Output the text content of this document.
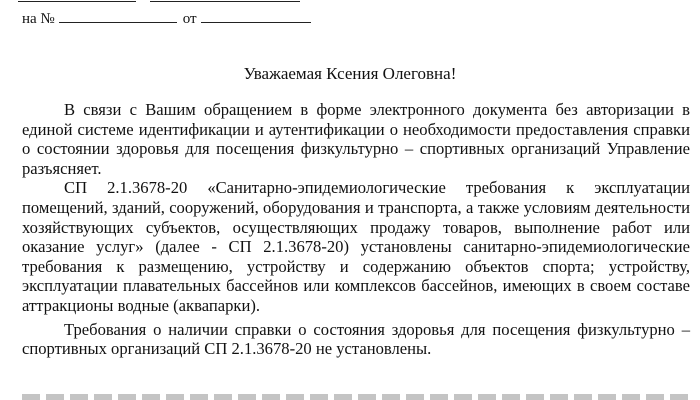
на №	от
Уважаемая Ксения Олеговна!

В связи с Вашим обращением в форме электронного документа без авторизации в единой системе идентификации и аутентификации о необходимости предоставления справки о состоянии здоровья для посещения физкультурно – спортивных организаций Управление разъясняет.

СП 2.1.3678-20 «Санитарно-эпидемиологические требования к эксплуатации помещений, зданий, сооружений, оборудования и транспорта, а также условиям деятельности хозяйствующих субъектов, осуществляющих продажу товаров, выполнение работ или оказание услуг» (далее - СП 2.1.3678-20) установлены санитарно-эпидемиологические требования к размещению, устройству и содержанию объектов спорта; устройству, эксплуатации плавательных бассейнов или комплексов бассейнов, имеющих в своем составе аттракционы водные (аквапарки).

Требования о наличии справки о состояния здоровья для посещения физкультурно – спортивных организаций СП 2.1.3678-20 не установлены.
